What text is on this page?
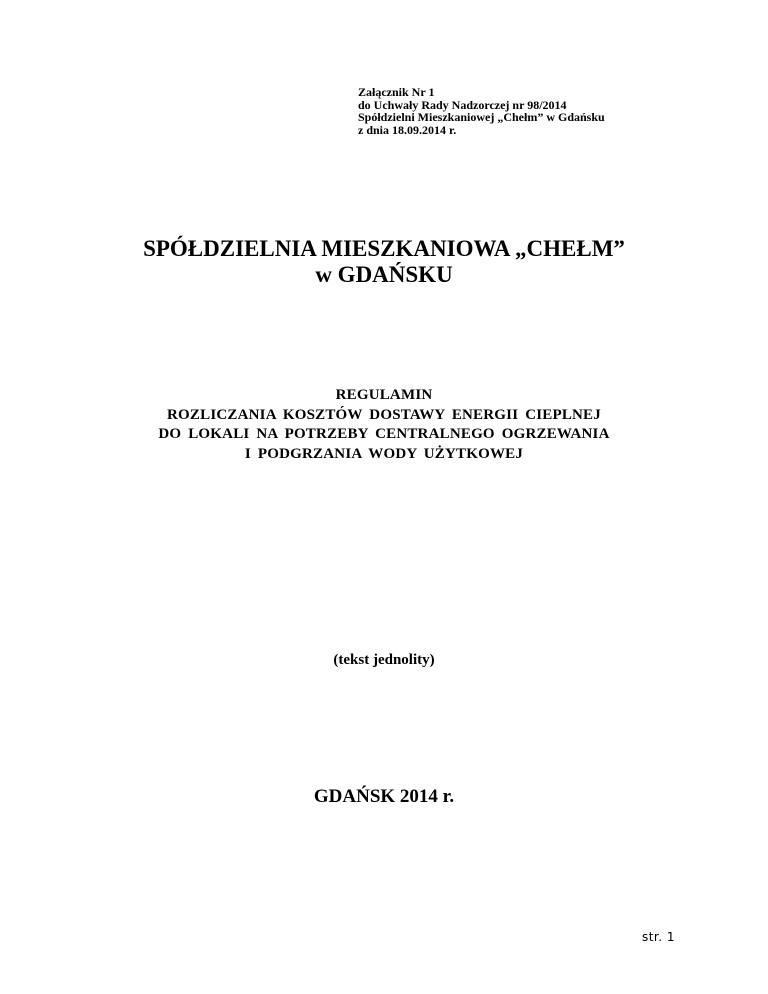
Załącznik Nr 1
do Uchwały Rady Nadzorczej nr 98/2014
Spółdzielni Mieszkaniowej „Chełm” w Gdańsku
z dnia 18.09.2014 r.
SPÓŁDZIELNIA MIESZKANIOWA „CHEŁM”
w GDAŃSKU
REGULAMIN
ROZLICZANIA KOSZTÓW DOSTAWY ENERGII CIEPLNEJ
DO LOKALI NA POTRZEBY CENTRALNEGO OGRZEWANIA
I PODGRZANIA WODY UŻYTKOWEJ
(tekst jednolity)
GDAŃSK 2014 r.
str. 1
